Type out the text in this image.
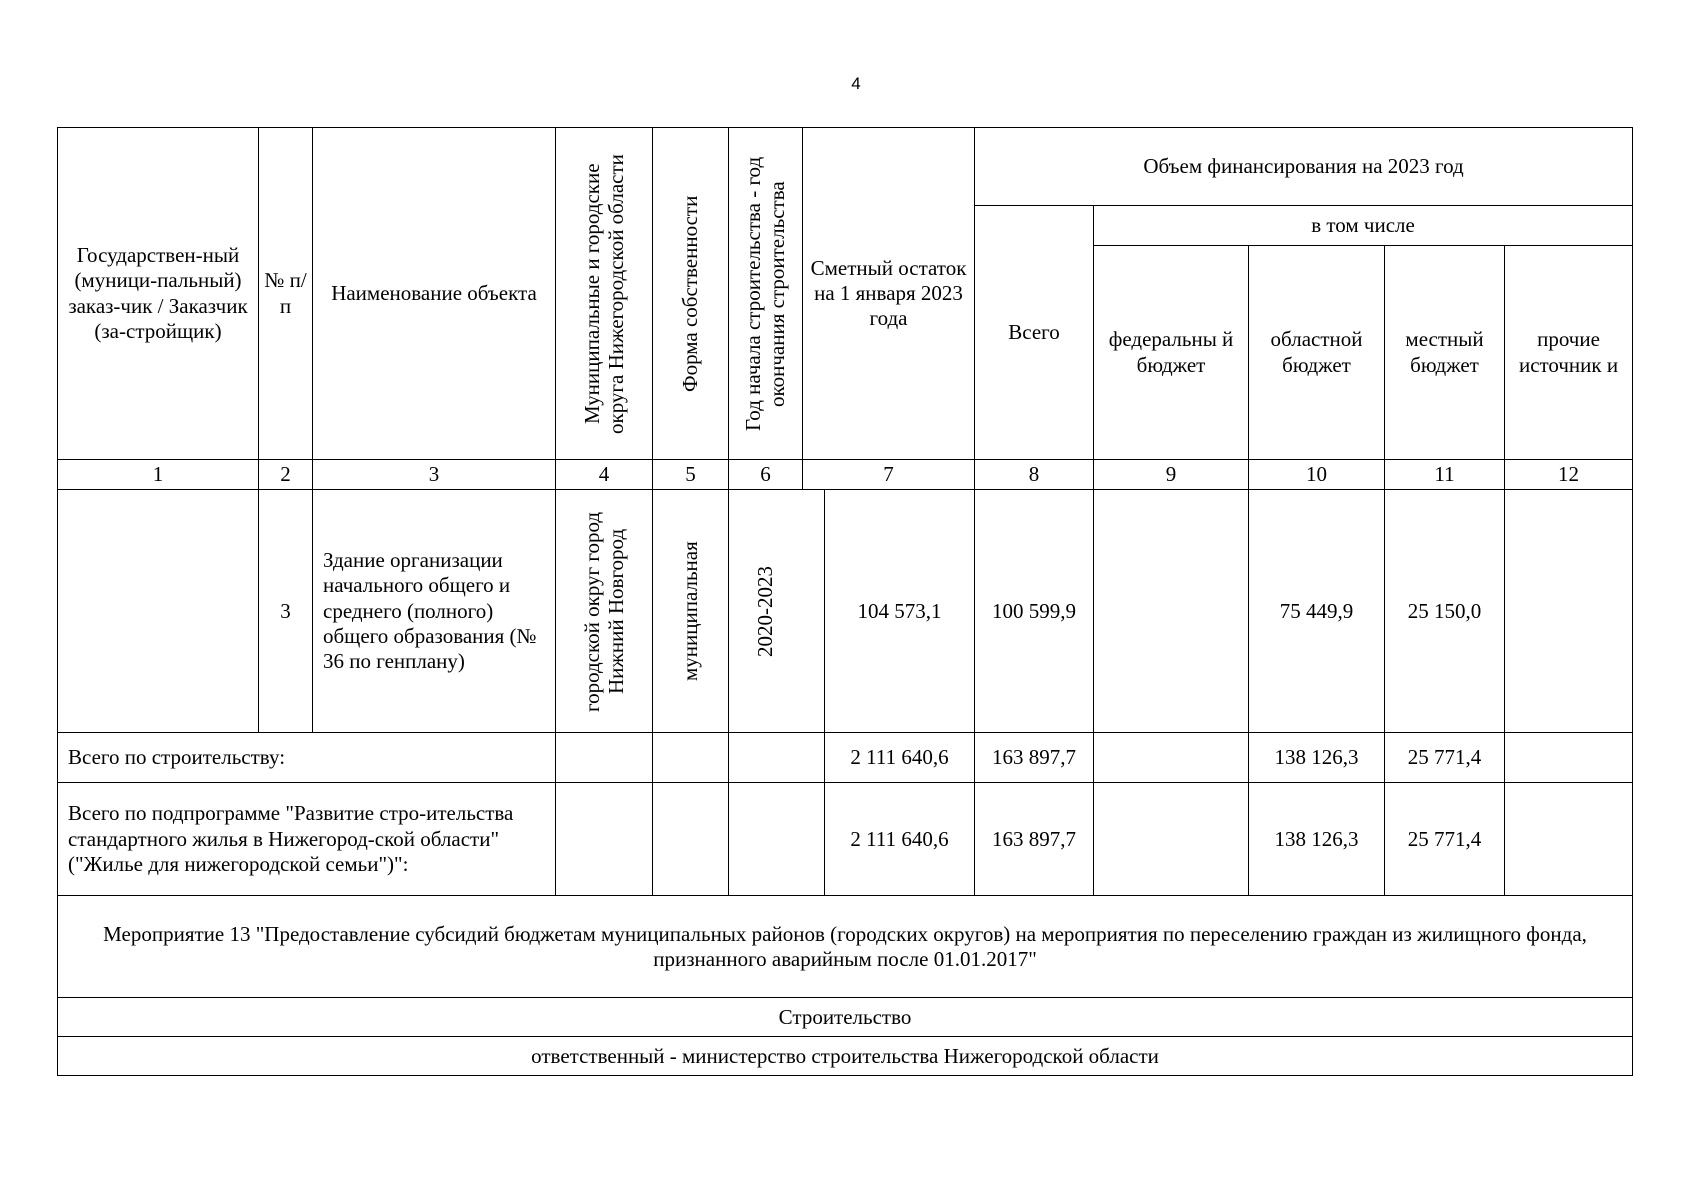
4
Государствен-ный (муници-пальный) заказ-чик / Заказчик (за-стройщик)	№ п/ п	Наименование объекта	Муниципальные и городские округа Нижегородской области	Форма собственности	Год начала строительства - год окончания строительства	Сметный остаток на 1 января 2023 года		Объем финансирования на 2023 год				
								Всего	в том числе			
									федеральны й бюджет	областной бюджет	местный бюджет	прочие источник и
1	2	3	4	5	6	7		8	9	10	11	12
	3	Здание организации начального общего и среднего (полного) общего образования (№ 36 по генплану)	городской округ город Нижний Новгород	муниципальная	2020-2023		104 573,1	100 599,9		75 449,9	25 150,0	
Всего по строительству:							2 111 640,6	163 897,7		138 126,3	25 771,4	
Всего по подпрограмме "Развитие стро-ительства стандартного жилья в Нижегород-ской области" ("Жилье для нижегородской семьи")":							2 111 640,6	163 897,7		138 126,3	25 771,4	
Мероприятие 13 "Предоставление субсидий бюджетам муниципальных районов (городских округов) на мероприятия по переселению граждан из жилищного фонда, признанного аварийным после 01.01.2017"												
Строительство												
ответственный - министерство строительства Нижегородской области												
